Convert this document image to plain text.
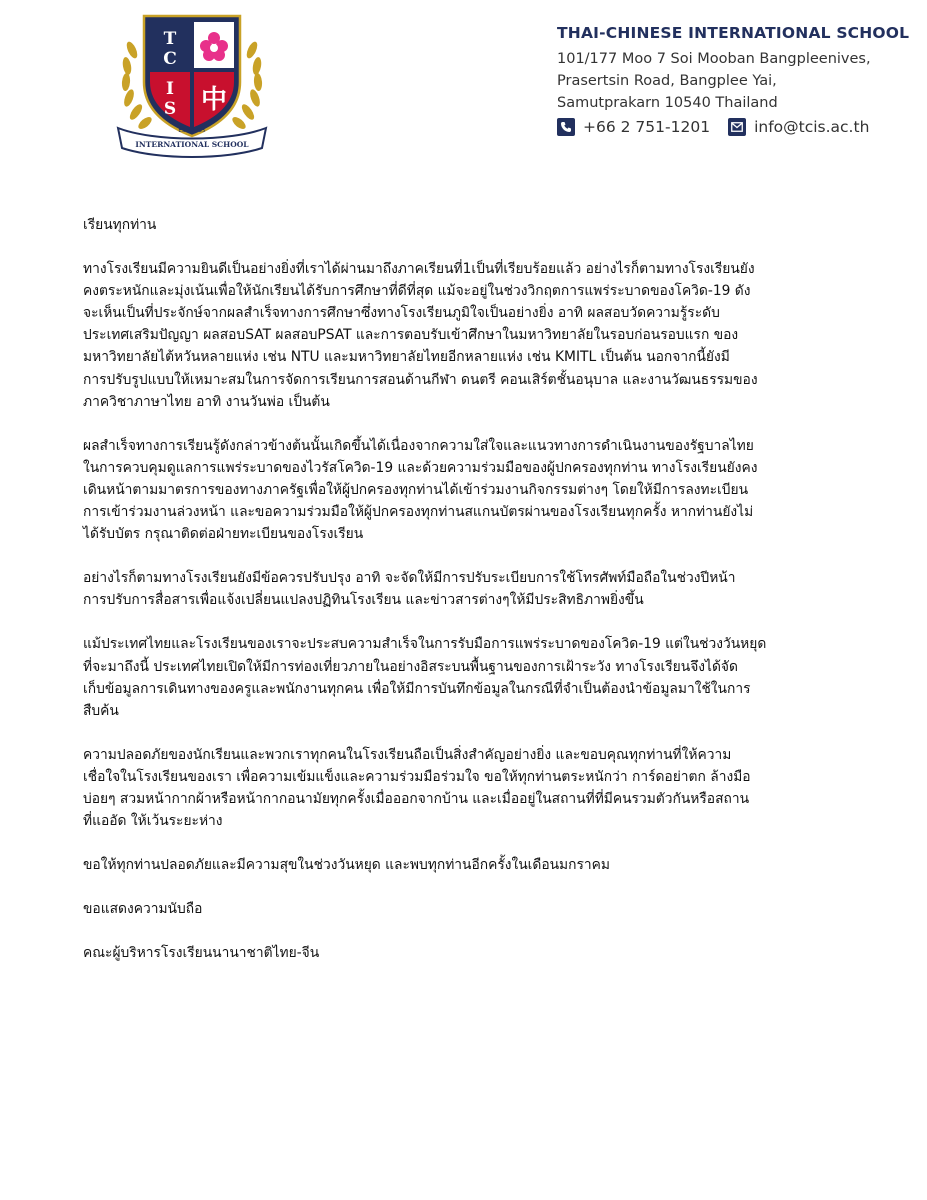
T
C
I
S 中
EST. 1995
INTERNATIONAL SCHOOL
THAI-CHINESE INTERNATIONAL SCHOOL
101/177 Moo 7 Soi Mooban Bangpleenives,
Prasertsin Road, Bangplee Yai,
Samutprakarn 10540 Thailand
+66 2 751-1201	info@tcis.ac.th

เรียนทุกท่าน

ทางโรงเรียนมีความยินดีเป็นอย่างยิ่งที่เราได้ผ่านมาถึงภาคเรียนที่1เป็นที่เรียบร้อยแล้ว อย่างไรก็ตามทางโรงเรียนยัง
คงตระหนักและมุ่งเน้นเพื่อให้นักเรียนได้รับการศึกษาที่ดีที่สุด แม้จะอยู่ในช่วงวิกฤตการแพร่ระบาดของโควิด-19 ดัง
จะเห็นเป็นที่ประจักษ์จากผลสำเร็จทางการศึกษาซึ่งทางโรงเรียนภูมิใจเป็นอย่างยิ่ง อาทิ ผลสอบวัดความรู้ระดับ
ประเทศเสริมปัญญา ผลสอบSAT ผลสอบPSAT และการตอบรับเข้าศึกษาในมหาวิทยาลัยในรอบก่อนรอบแรก ของ
มหาวิทยาลัยไต้หวันหลายแห่ง เช่น NTU และมหาวิทยาลัยไทยอีกหลายแห่ง เช่น KMITL เป็นต้น นอกจากนี้ยังมี
การปรับรูปแบบให้เหมาะสมในการจัดการเรียนการสอนด้านกีฬา ดนตรี คอนเสิร์ตชั้นอนุบาล และงานวัฒนธรรมของ
ภาควิชาภาษาไทย อาทิ งานวันพ่อ เป็นต้น

ผลสำเร็จทางการเรียนรู้ดังกล่าวข้างต้นนั้นเกิดขึ้นได้เนื่องจากความใส่ใจและแนวทางการดำเนินงานของรัฐบาลไทย
ในการควบคุมดูแลการแพร่ระบาดของไวรัสโควิด-19 และด้วยความร่วมมือของผู้ปกครองทุกท่าน ทางโรงเรียนยังคง
เดินหน้าตามมาตรการของทางภาครัฐเพื่อให้ผู้ปกครองทุกท่านได้เข้าร่วมงานกิจกรรมต่างๆ โดยให้มีการลงทะเบียน
การเข้าร่วมงานล่วงหน้า และขอความร่วมมือให้ผู้ปกครองทุกท่านสแกนบัตรผ่านของโรงเรียนทุกครั้ง หากท่านยังไม่
ได้รับบัตร กรุณาติดต่อฝ่ายทะเบียนของโรงเรียน

อย่างไรก็ตามทางโรงเรียนยังมีข้อควรปรับปรุง อาทิ จะจัดให้มีการปรับระเบียบการใช้โทรศัพท์มือถือในช่วงปีหน้า
การปรับการสื่อสารเพื่อแจ้งเปลี่ยนแปลงปฏิทินโรงเรียน และข่าวสารต่างๆให้มีประสิทธิภาพยิ่งขึ้น

แม้ประเทศไทยและโรงเรียนของเราจะประสบความสำเร็จในการรับมือการแพร่ระบาดของโควิด-19 แต่ในช่วงวันหยุด
ที่จะมาถึงนี้ ประเทศไทยเปิดให้มีการท่องเที่ยวภายในอย่างอิสระบนพื้นฐานของการเฝ้าระวัง ทางโรงเรียนจึงได้จัด
เก็บข้อมูลการเดินทางของครูและพนักงานทุกคน เพื่อให้มีการบันทึกข้อมูลในกรณีที่จำเป็นต้องนำข้อมูลมาใช้ในการ
สืบค้น

ความปลอดภัยของนักเรียนและพวกเราทุกคนในโรงเรียนถือเป็นสิ่งสำคัญอย่างยิ่ง และขอบคุณทุกท่านที่ให้ความ
เชื่อใจในโรงเรียนของเรา เพื่อความเข้มแข็งและความร่วมมือร่วมใจ ขอให้ทุกท่านตระหนักว่า การ์ดอย่าตก ล้างมือ
บ่อยๆ สวมหน้ากากผ้าหรือหน้ากากอนามัยทุกครั้งเมื่อออกจากบ้าน และเมื่ออยู่ในสถานที่ที่มีคนรวมตัวกันหรือสถาน
ที่แออัด ให้เว้นระยะห่าง

ขอให้ทุกท่านปลอดภัยและมีความสุขในช่วงวันหยุด และพบทุกท่านอีกครั้งในเดือนมกราคม

ขอแสดงความนับถือ

คณะผู้บริหารโรงเรียนนานาชาติไทย-จีน
